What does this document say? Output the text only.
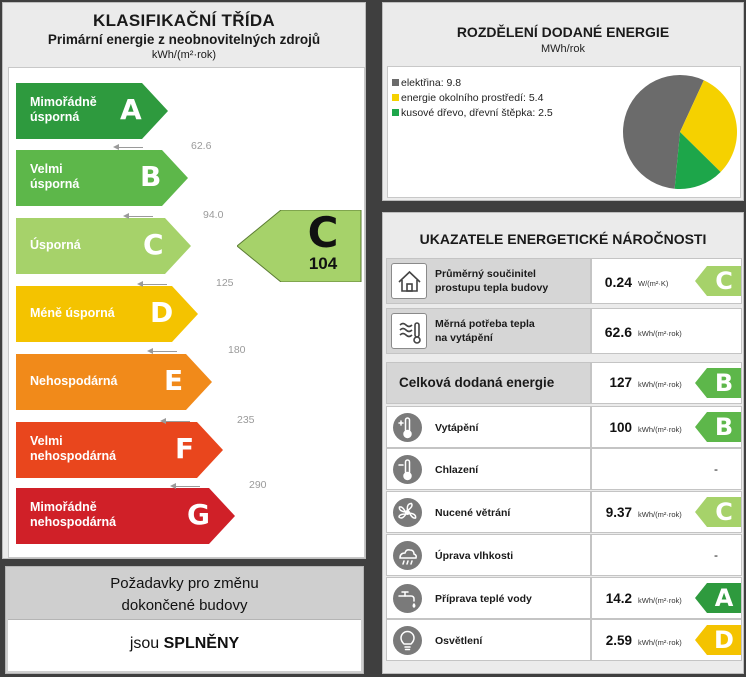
KLASIFIKAČNÍ TŘÍDA
Primární energie z neobnovitelných zdrojů
kWh/(m²·rok)
Mimořádně
úsporná	A
Velmi
úsporná B
Úsporná C
Méně úsporná D
Nehospodárná E
Velmi
nehospodárná F
Mimořádně
nehospodárná	G
62.6
94.0
125
180
235
290
C
104
Požadavky pro změnu
dokončené budovy
jsou SPLNĚNY
ROZDĚLENÍ DODANÉ ENERGIE
MWh/rok
elektřina: 9.8
energie okolního prostředí: 5.4
kusové dřevo, dřevní štěpka: 2.5
UKAZATELE ENERGETICKÉ NÁROČNOSTI
Průměrný součinitel
prostupu tepla budovy	0.24 W/(m²·K) C
Měrná potřeba tepla
na vytápění	62.6 kWh/(m²·rok)
Celková dodaná energie	127 kWh/(m²·rok) B
Vytápění	100 kWh/(m²·rok) B
Chlazení	-
Nucené větrání	9.37 kWh/(m²·rok) C
Úprava vlhkosti	-
Příprava teplé vody	14.2 kWh/(m²·rok) A
Osvětlení	2.59 kWh/(m²·rok) D
